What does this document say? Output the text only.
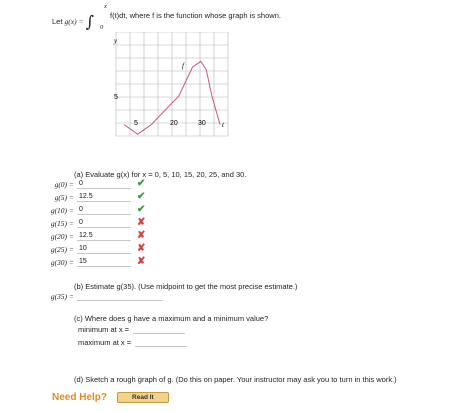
Let g(x) = ∫
x
0
f(t)dt, where f is the function whose graph is shown.
y
t
f
5
5	20	30
(a) Evaluate g(x) for x = 0, 5, 10, 15, 20, 25, and 30.
g(0) = 0	✔
g(5) = 12.5	✔
g(10) = 0	✔
g(15) = 0	✘
g(20) = 12.5	✘
g(25) = 10	✘
g(30) = 15	✘
(b) Estimate g(35). (Use midpoint to get the most precise estimate.)
g(35) =
(c) Where does g have a maximum and a minimum value?
minimum at x =
maximum at x =
(d) Sketch a rough graph of g. (Do this on paper. Your instructor may ask you to turn in this work.)
Need Help?	Read It
